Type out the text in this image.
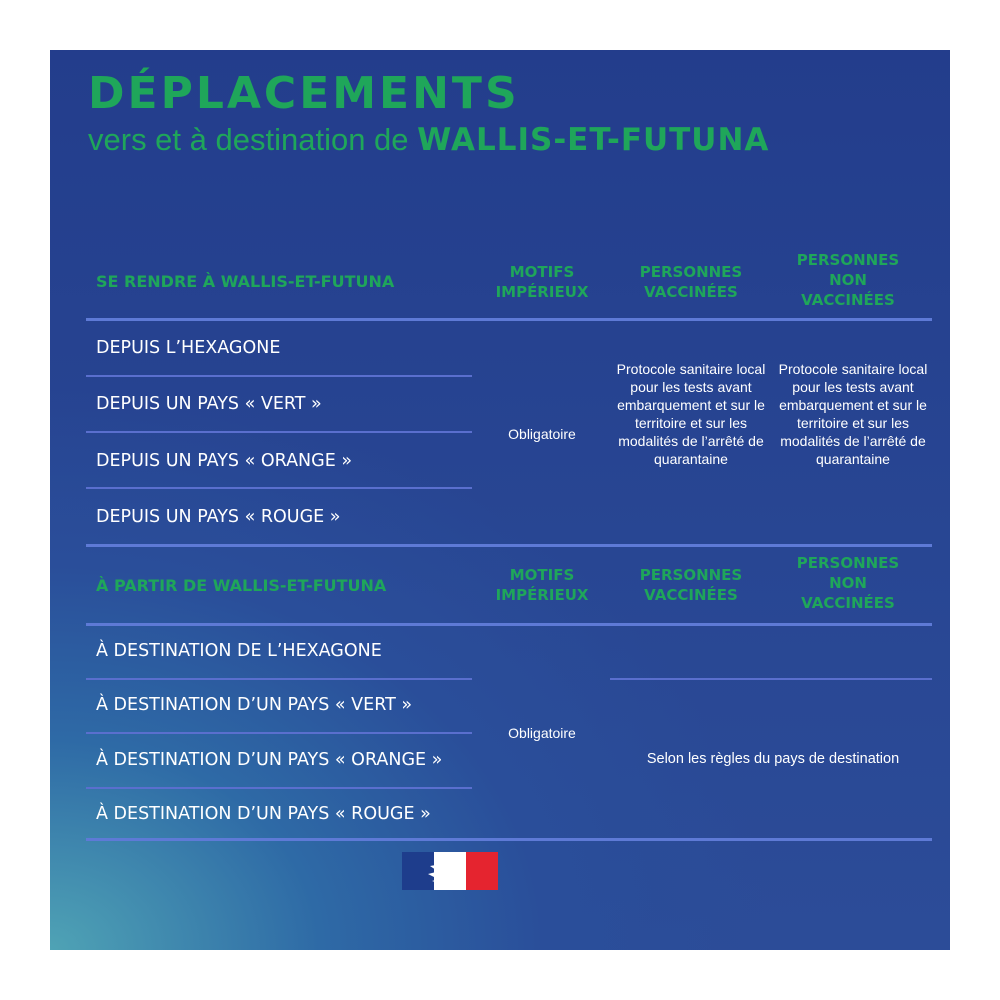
DÉPLACEMENTS
vers et à destination de WALLIS-ET-FUTUNA
SE RENDRE À WALLIS-ET-FUTUNA	MOTIFS IMPÉRIEUX
PERSONNES VACCINÉES
PERSONNES NON VACCINÉES
DEPUIS L’HEXAGONE
DEPUIS UN PAYS « VERT »
DEPUIS UN PAYS « ORANGE »
DEPUIS UN PAYS « ROUGE »
Obligatoire
Protocole sanitaire local pour les tests avant embarquement et sur le territoire et sur les modalités de l’arrêté de quarantaine
Protocole sanitaire local pour les tests avant embarquement et sur le territoire et sur les modalités de l’arrêté de quarantaine
À PARTIR DE WALLIS-ET-FUTUNA
MOTIFS IMPÉRIEUX
PERSONNES VACCINÉES
PERSONNES NON VACCINÉES
À DESTINATION DE L’HEXAGONE
À DESTINATION D’UN PAYS « VERT »
À DESTINATION D’UN PAYS « ORANGE »
À DESTINATION D’UN PAYS « ROUGE »
Obligatoire
Selon les règles du pays de destination
